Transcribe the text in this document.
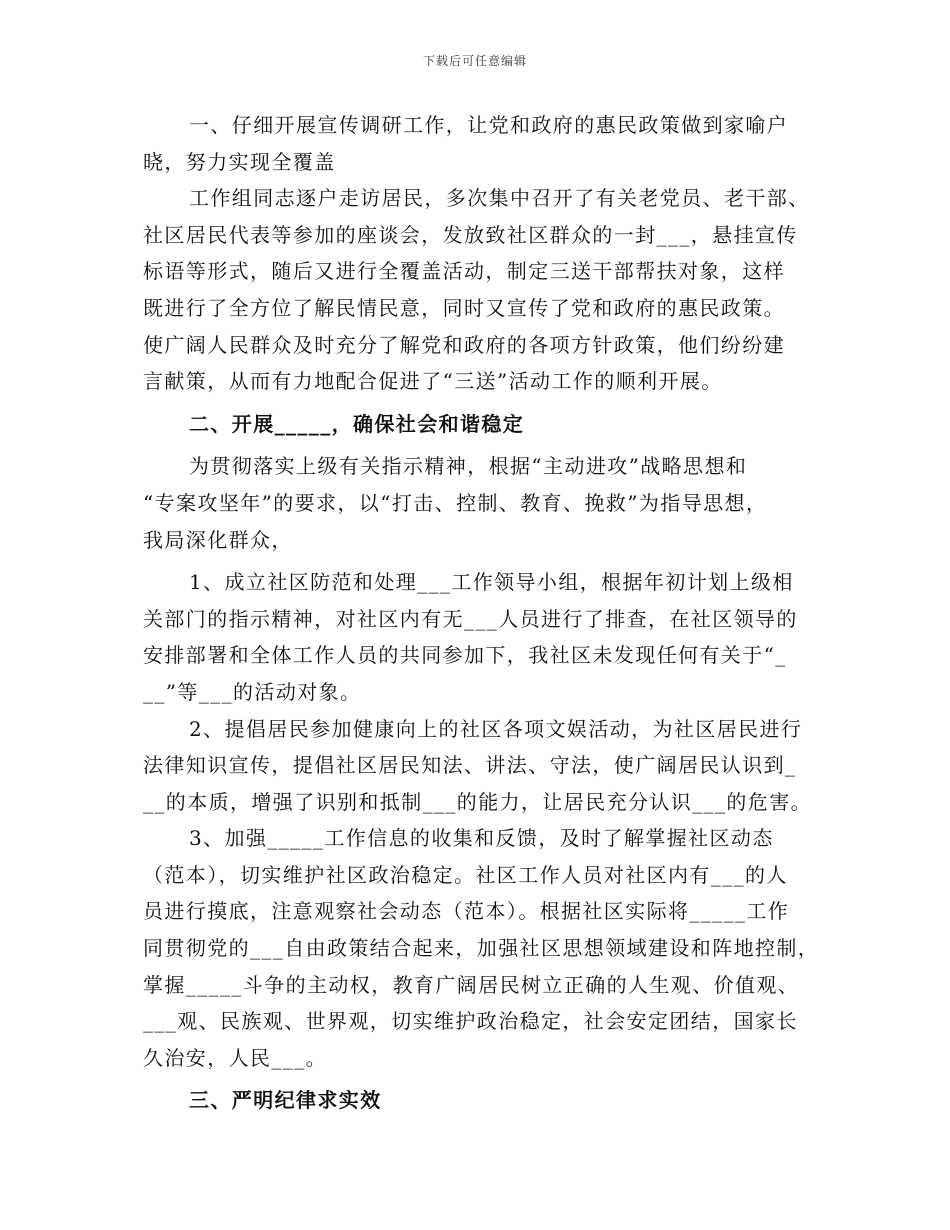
下载后可任意编辑
一、仔细开展宣传调研工作，让党和政府的惠民政策做到家喻户
晓，努力实现全覆盖
工作组同志逐户走访居民，多次集中召开了有关老党员、老干部、
社区居民代表等参加的座谈会，发放致社区群众的一封___，悬挂宣传
标语等形式，随后又进行全覆盖活动，制定三送干部帮扶对象，这样
既进行了全方位了解民情民意，同时又宣传了党和政府的惠民政策。
使广阔人民群众及时充分了解党和政府的各项方针政策，他们纷纷建
言献策，从而有力地配合促进了“三送”活动工作的顺利开展。
二、开展_____，确保社会和谐稳定
为贯彻落实上级有关指示精神，根据“主动进攻”战略思想和
“专案攻坚年”的要求，以“打击、控制、教育、挽救”为指导思想，
我局深化群众，
1、成立社区防范和处理___工作领导小组，根据年初计划上级相
关部门的指示精神，对社区内有无___人员进行了排查，在社区领导的
安排部署和全体工作人员的共同参加下，我社区未发现任何有关于“_
__”等___的活动对象。
2、提倡居民参加健康向上的社区各项文娱活动，为社区居民进行
法律知识宣传，提倡社区居民知法、讲法、守法，使广阔居民认识到_
__的本质，增强了识别和抵制___的能力，让居民充分认识___的危害。
3、加强_____工作信息的收集和反馈，及时了解掌握社区动态
（范本），切实维护社区政治稳定。社区工作人员对社区内有___的人
员进行摸底，注意观察社会动态（范本）。根据社区实际将_____工作
同贯彻党的___自由政策结合起来，加强社区思想领域建设和阵地控制，
掌握_____斗争的主动权，教育广阔居民树立正确的人生观、价值观、
___观、民族观、世界观，切实维护政治稳定，社会安定团结，国家长
久治安，人民___。
三、严明纪律求实效
